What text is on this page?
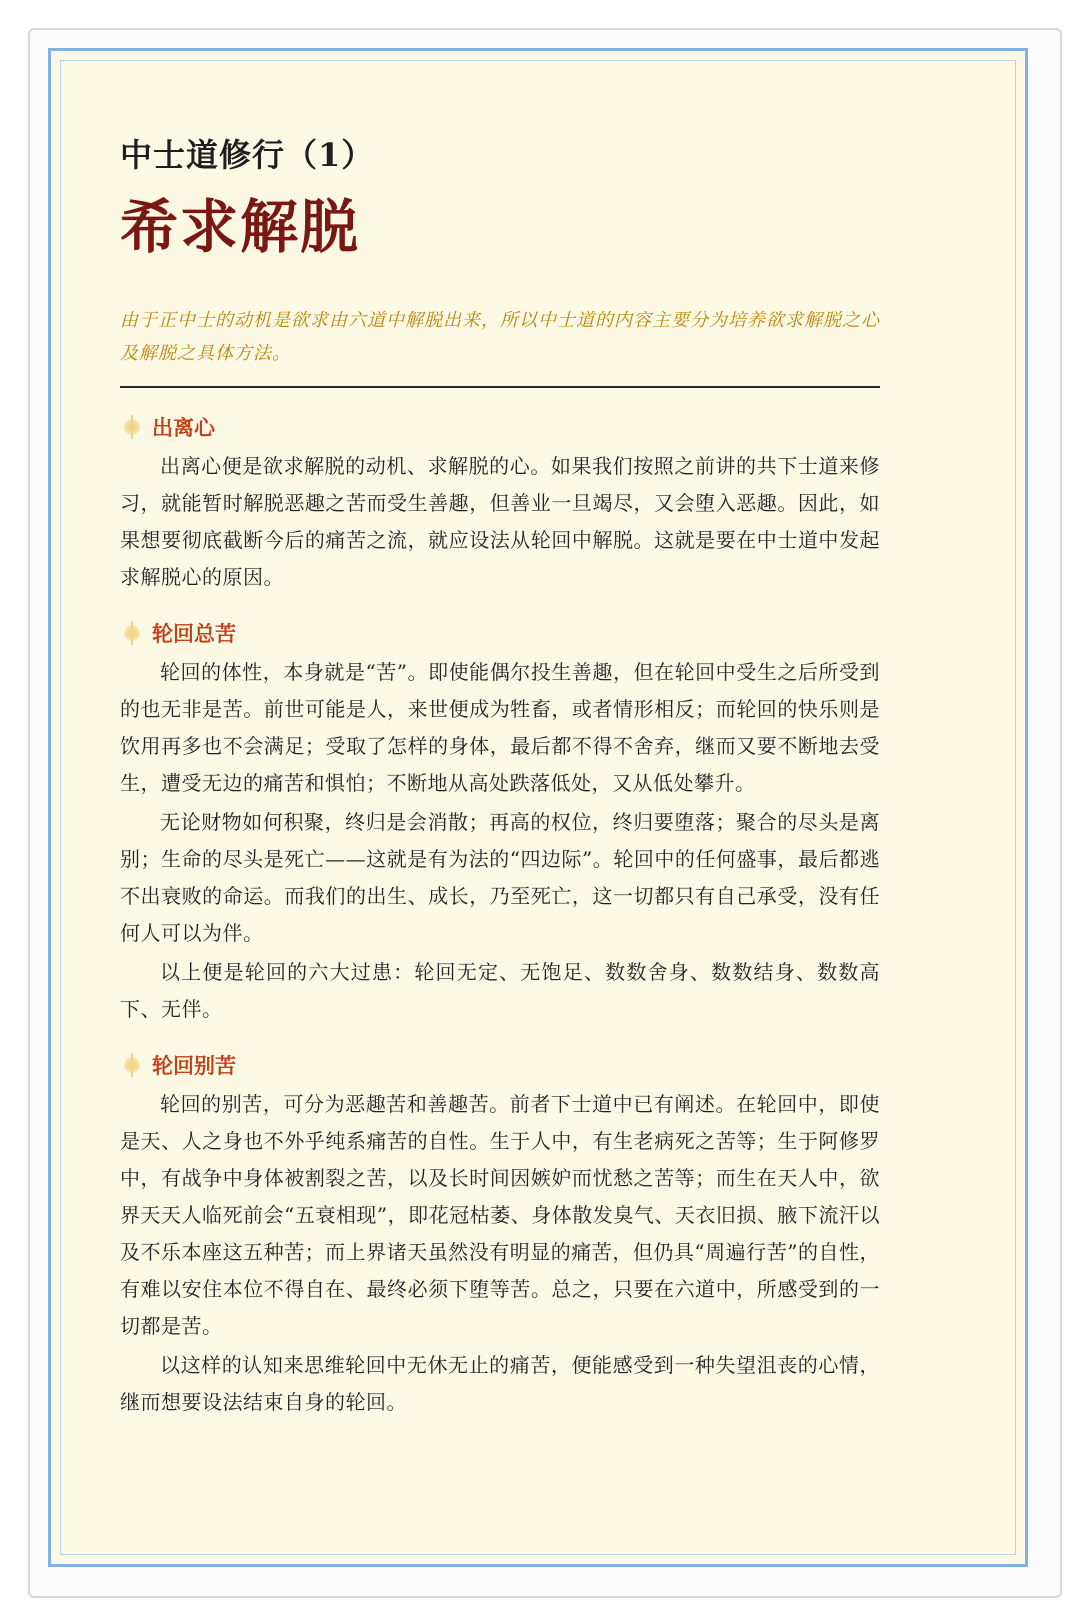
中士道修行（1）
希求解脱
由于正中士的动机是欲求由六道中解脱出来，所以中士道的内容主要分为培养欲求解脱之心及解脱之具体方法。
出离心

出离心便是欲求解脱的动机、求解脱的心。如果我们按照之前讲的共下士道来修习，就能暂时解脱恶趣之苦而受生善趣，但善业一旦竭尽，又会堕入恶趣。因此，如果想要彻底截断今后的痛苦之流，就应设法从轮回中解脱。这就是要在中士道中发起求解脱心的原因。

轮回总苦

轮回的体性，本身就是“苦”。即使能偶尔投生善趣，但在轮回中受生之后所受到的也无非是苦。前世可能是人，来世便成为牲畜，或者情形相反；而轮回的快乐则是饮用再多也不会满足；受取了怎样的身体，最后都不得不舍弃，继而又要不断地去受生，遭受无边的痛苦和惧怕；不断地从高处跌落低处，又从低处攀升。

无论财物如何积聚，终归是会消散；再高的权位，终归要堕落；聚合的尽头是离别；生命的尽头是死亡——这就是有为法的“四边际”。轮回中的任何盛事，最后都逃不出衰败的命运。而我们的出生、成长，乃至死亡，这一切都只有自己承受，没有任何人可以为伴。

以上便是轮回的六大过患：轮回无定、无饱足、数数舍身、数数结身、数数高下、无伴。

轮回别苦

轮回的别苦，可分为恶趣苦和善趣苦。前者下士道中已有阐述。在轮回中，即使是天、人之身也不外乎纯系痛苦的自性。生于人中，有生老病死之苦等；生于阿修罗中，有战争中身体被割裂之苦，以及长时间因嫉妒而忧愁之苦等；而生在天人中，欲界天天人临死前会“五衰相现”，即花冠枯萎、身体散发臭气、天衣旧损、腋下流汗以及不乐本座这五种苦；而上界诸天虽然没有明显的痛苦，但仍具“周遍行苦”的自性，有难以安住本位不得自在、最终必须下堕等苦。总之，只要在六道中，所感受到的一切都是苦。

以这样的认知来思维轮回中无休无止的痛苦，便能感受到一种失望沮丧的心情，继而想要设法结束自身的轮回。
